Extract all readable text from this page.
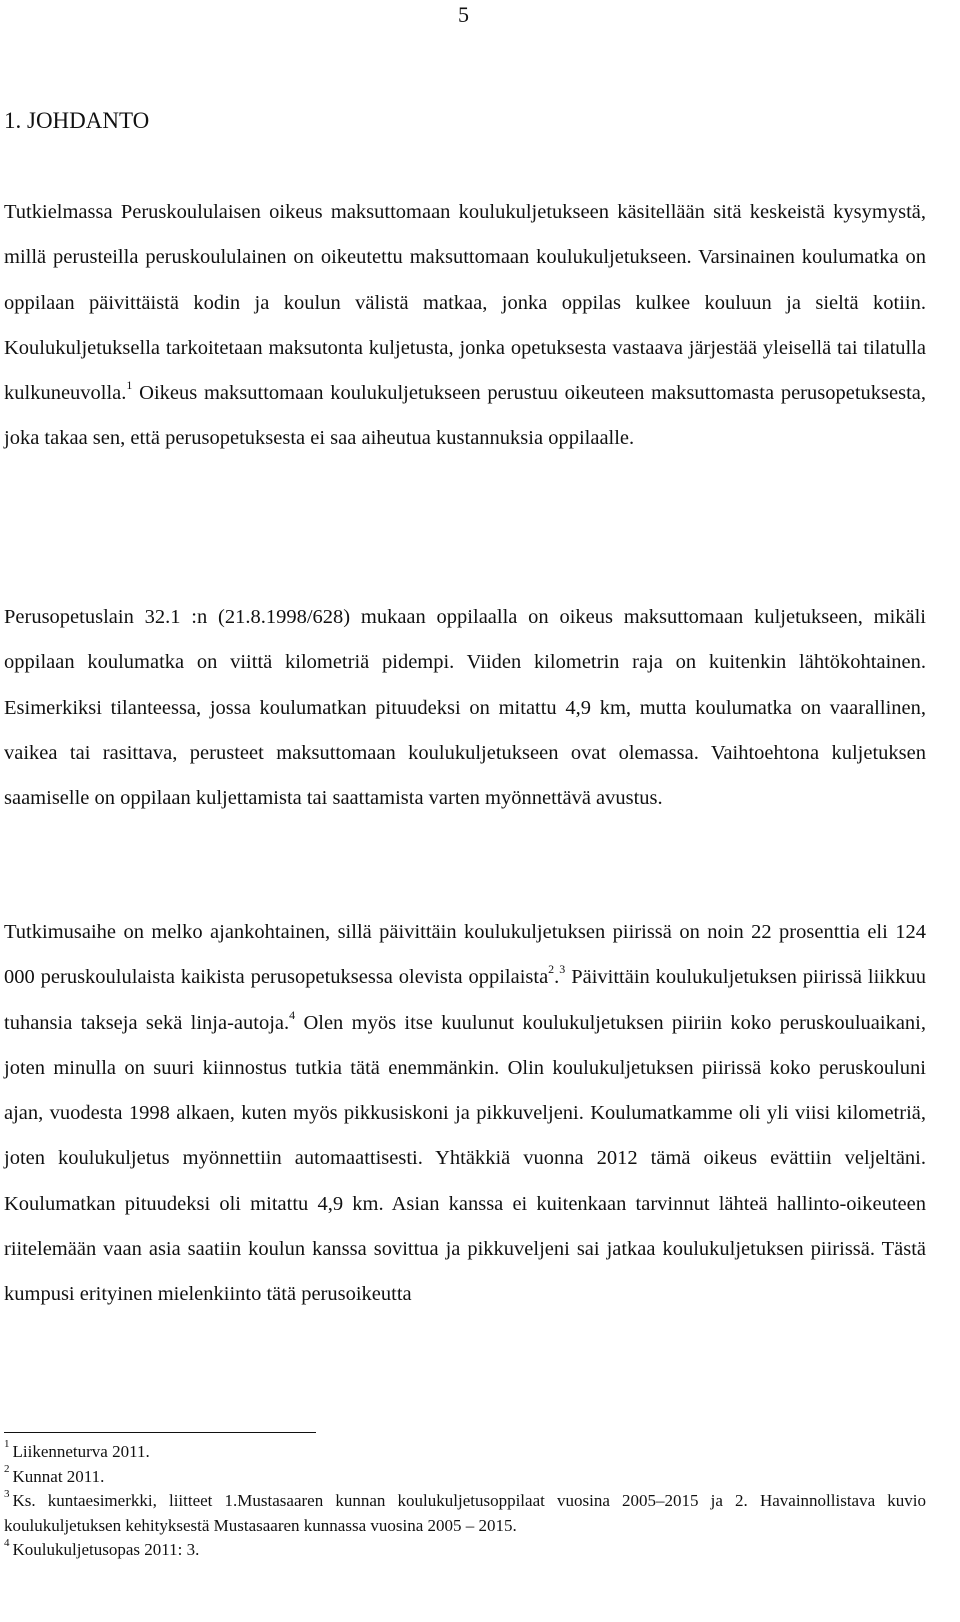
5
1. JOHDANTO

Tutkielmassa Peruskoululaisen oikeus maksuttomaan koulukuljetukseen käsitellään sitä keskeistä kysymystä, millä perusteilla peruskoululainen on oikeutettu maksuttomaan koulukuljetukseen. Varsinainen koulumatka on oppilaan päivittäistä kodin ja koulun välistä matkaa, jonka oppilas kulkee kouluun ja sieltä kotiin. Koulukuljetuksella tarkoitetaan maksutonta kuljetusta, jonka opetuksesta vastaava järjestää yleisellä tai tilatulla kulkuneuvolla.$^1$ Oikeus maksuttomaan koulukuljetukseen perustuu oikeuteen maksuttomasta perusopetuksesta, joka takaa sen, että perusopetuksesta ei saa aiheutua kustannuksia oppilaalle.

Perusopetuslain 32.1 :n (21.8.1998/628) mukaan oppilaalla on oikeus maksuttomaan kuljetukseen, mikäli oppilaan koulumatka on viittä kilometriä pidempi. Viiden kilometrin raja on kuitenkin lähtökohtainen. Esimerkiksi tilanteessa, jossa koulumatkan pituudeksi on mitattu 4,9 km, mutta koulumatka on vaarallinen, vaikea tai rasittava, perusteet maksuttomaan koulukuljetukseen ovat olemassa. Vaihtoehtona kuljetuksen saamiselle on oppilaan kuljettamista tai saattamista varten myönnettävä avustus.

Tutkimusaihe on melko ajankohtainen, sillä päivittäin koulukuljetuksen piirissä on noin 22 prosenttia eli 124 000 peruskoululaista kaikista perusopetuksessa olevista oppilaista$^2$.$^3$ Päivittäin koulukuljetuksen piirissä liikkuu tuhansia takseja sekä linja-autoja.$^4$ Olen myös itse kuulunut koulukuljetuksen piiriin koko peruskouluaikani, joten minulla on suuri kiinnostus tutkia tätä enemmänkin. Olin koulukuljetuksen piirissä koko peruskouluni ajan, vuodesta 1998 alkaen, kuten myös pikkusiskoni ja pikkuveljeni. Koulumatkamme oli yli viisi kilometriä, joten koulukuljetus myönnettiin automaattisesti. Yhtäkkiä vuonna 2012 tämä oikeus evättiin veljeltäni. Koulumatkan pituudeksi oli mitattu 4,9 km. Asian kanssa ei kuitenkaan tarvinnut lähteä hallinto-oikeuteen riitelemään vaan asia saatiin koulun kanssa sovittua ja pikkuveljeni sai jatkaa koulukuljetuksen piirissä. Tästä kumpusi erityinen mielenkiinto tätä perusoikeutta

$^1$ Liikenneturva 2011.

$^2$ Kunnat 2011.

$^3$ Ks. kuntaesimerkki, liitteet 1.Mustasaaren kunnan koulukuljetusoppilaat vuosina 2005–2015 ja 2. Havainnollistava kuvio koulukuljetuksen kehityksestä Mustasaaren kunnassa vuosina 2005 – 2015.

$^4$ Koulukuljetusopas 2011: 3.
